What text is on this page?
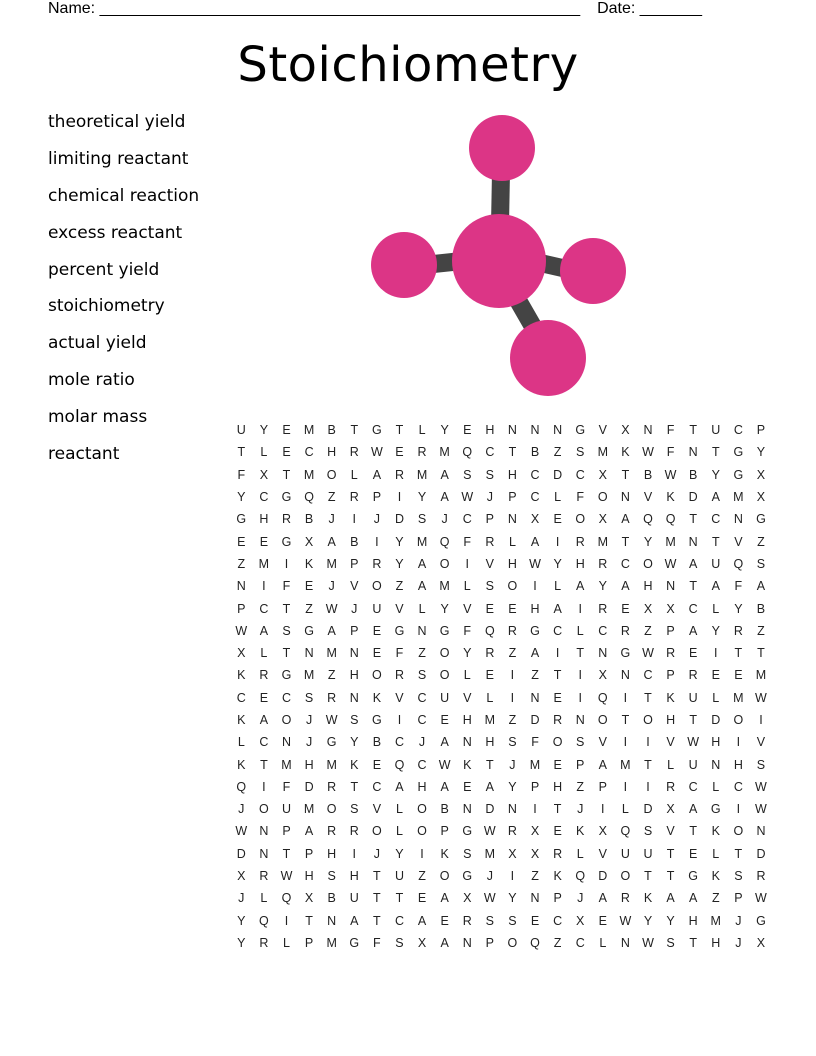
Name: ______________________________________________________ Date: _______
Stoichiometry
theoretical yield
limiting reactant
chemical reaction
excess reactant
percent yield
stoichiometry
actual yield
mole ratio
molar mass
reactant
U	Y	E	M	B	T	G	T	L	Y	E	H	N	N	N	G	V	X	N	F	T	U	C	P
T	L	E	C	H	R	W	E	R	M	Q	C	T	B	Z	S	M	K	W	F	N	T	G	Y
F	X	T	M	O	L	A	R	M	A	S	S	H	C	D	C	X	T	B	W	B	Y	G	X
Y	C	G	Q	Z	R	P	I	Y	A	W	J	P	C	L	F	O	N	V	K	D	A	M	X
G	H	R	B	J	I	J	D	S	J	C	P	N	X	E	O	X	A	Q	Q	T	C	N	G
E	E	G	X	A	B	I	Y	M	Q	F	R	L	A	I	R	M	T	Y	M	N	T	V	Z
Z	M	I	K	M	P	R	Y	A	O	I	V	H	W	Y	H	R	C	O	W	A	U	Q	S
N	I	F	E	J	V	O	Z	A	M	L	S	O	I	L	A	Y	A	H	N	T	A	F	A
P	C	T	Z	W	J	U	V	L	Y	V	E	E	H	A	I	R	E	X	X	C	L	Y	B
W	A	S	G	A	P	E	G	N	G	F	Q	R	G	C	L	C	R	Z	P	A	Y	R	Z
X	L	T	N	M	N	E	F	Z	O	Y	R	Z	A	I	T	N	G	W	R	E	I	T	T
K	R	G	M	Z	H	O	R	S	O	L	E	I	Z	T	I	X	N	C	P	R	E	E	M
C	E	C	S	R	N	K	V	C	U	V	L	I	N	E	I	Q	I	T	K	U	L	M	W
K	A	O	J	W	S	G	I	C	E	H	M	Z	D	R	N	O	T	O	H	T	D	O	I
L	C	N	J	G	Y	B	C	J	A	N	H	S	F	O	S	V	I	I	V	W	H	I	V
K	T	M	H	M	K	E	Q	C	W	K	T	J	M	E	P	A	M	T	L	U	N	H	S
Q	I	F	D	R	T	C	A	H	A	E	A	Y	P	H	Z	P	I	I	R	C	L	C	W
J	O	U	M	O	S	V	L	O	B	N	D	N	I	T	J	I	L	D	X	A	G	I	W
W	N	P	A	R	R	O	L	O	P	G	W	R	X	E	K	X	Q	S	V	T	K	O	N
D	N	T	P	H	I	J	Y	I	K	S	M	X	X	R	L	V	U	U	T	E	L	T	D
X	R	W	H	S	H	T	U	Z	O	G	J	I	Z	K	Q	D	O	T	T	G	K	S	R
J	L	Q	X	B	U	T	T	E	A	X	W	Y	N	P	J	A	R	K	A	A	Z	P	W
Y	Q	I	T	N	A	T	C	A	E	R	S	S	E	C	X	E	W	Y	Y	H	M	J	G
Y	R	L	P	M	G	F	S	X	A	N	P	O	Q	Z	C	L	N	W	S	T	H	J	X
